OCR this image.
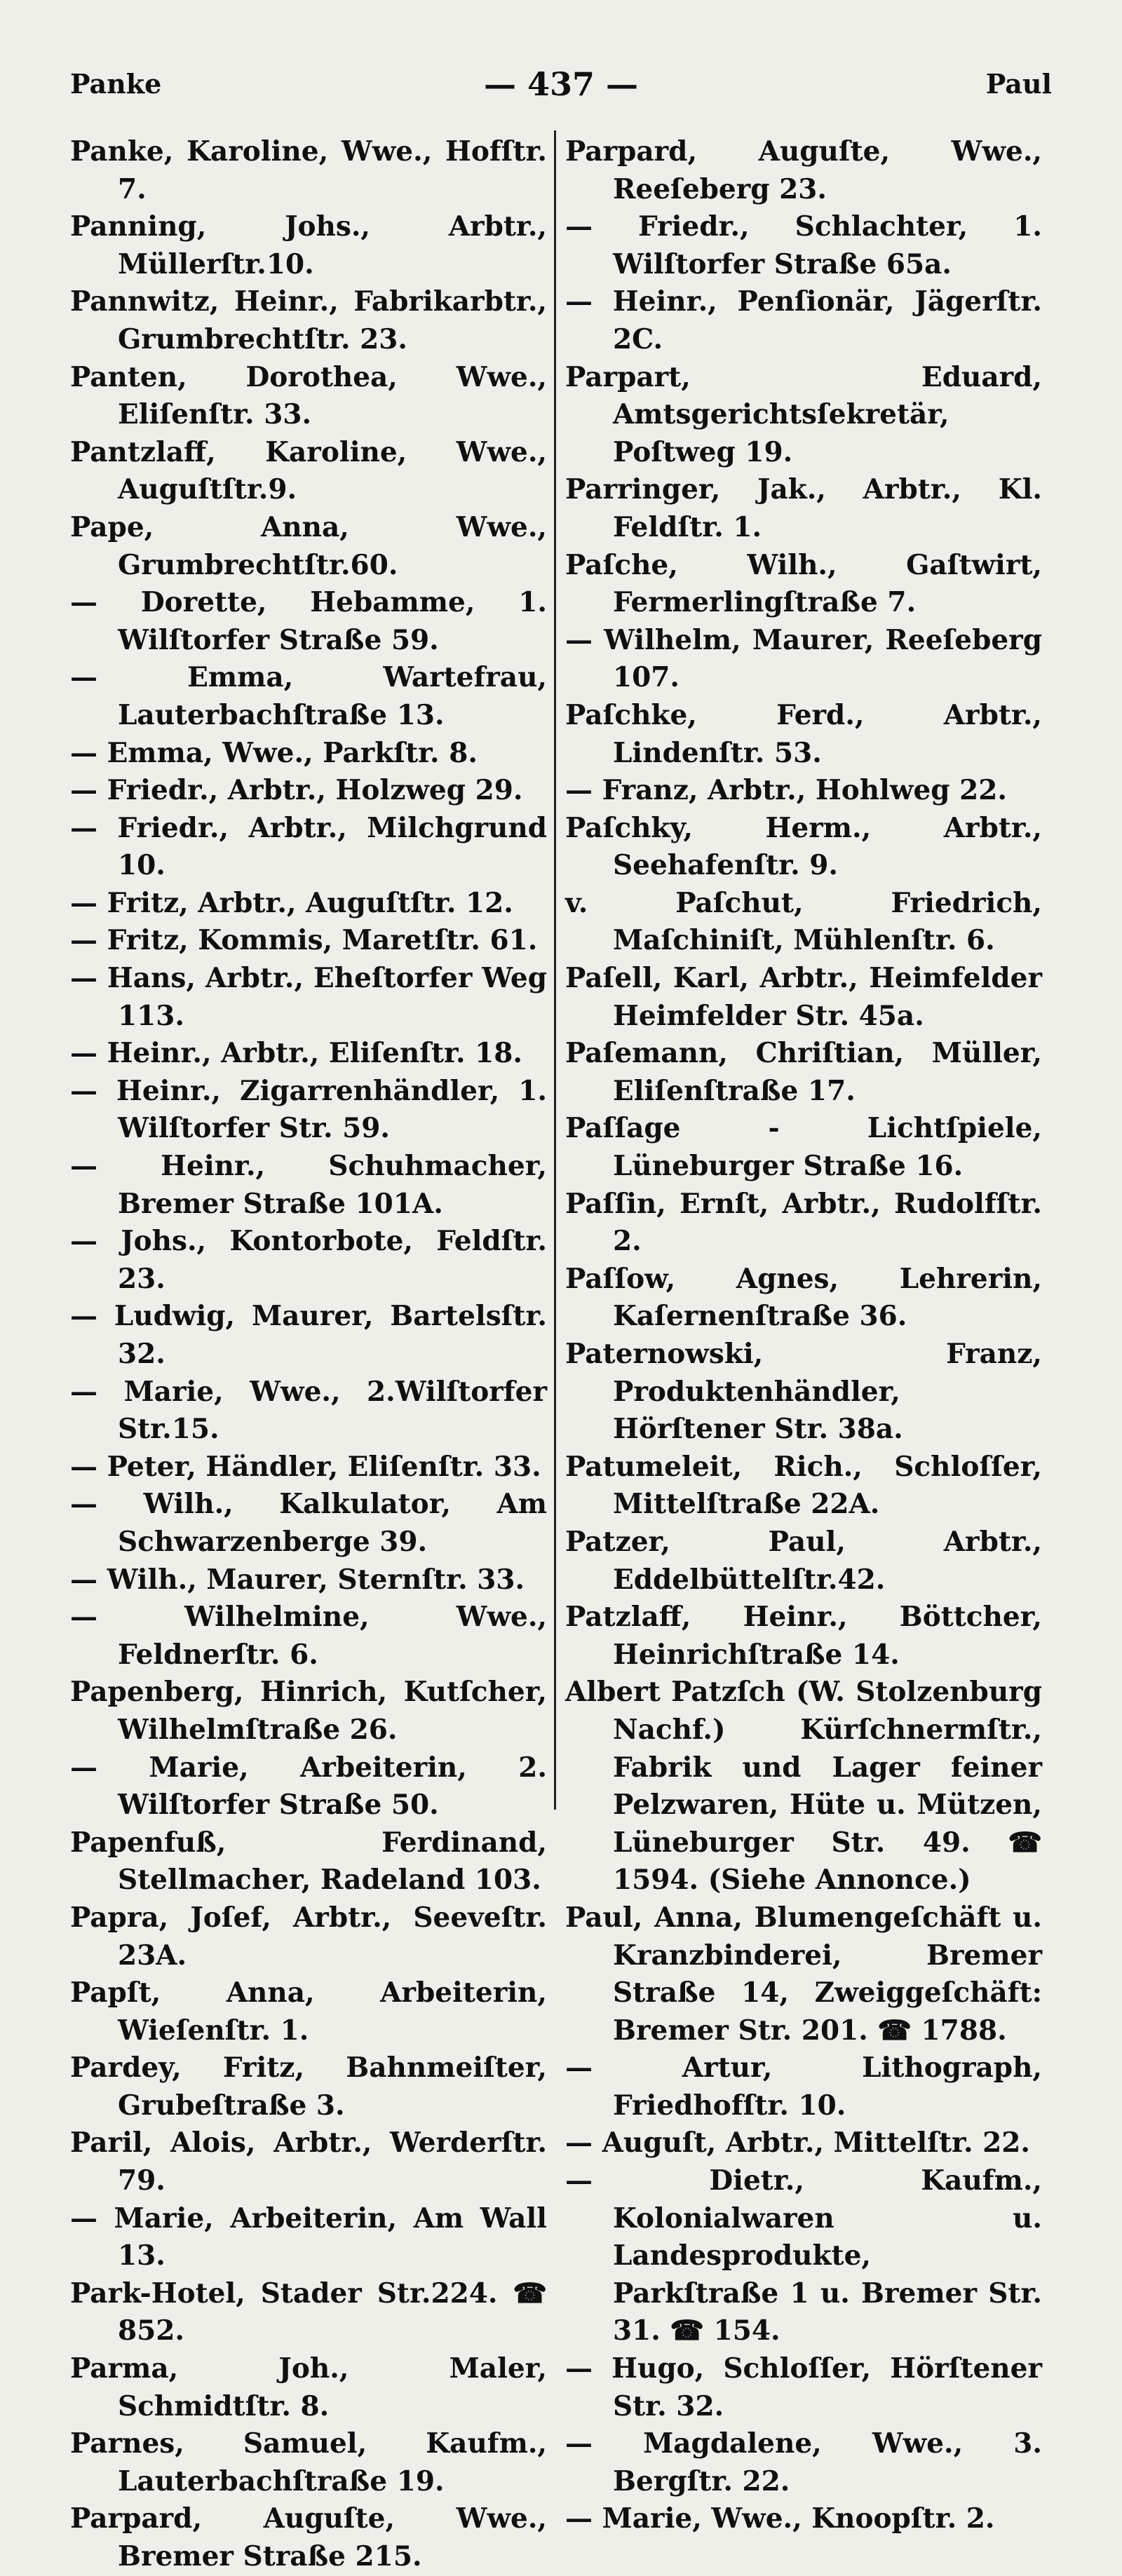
Panke	— 437 —	Paul
Panke, Karoline, Wwe., Hofſtr. 7.
Panning, Johs., Arbtr., Müllerſtr.10.
Pannwitz, Heinr., Fabrikarbtr., Grumbrechtſtr. 23.
Panten, Dorothea, Wwe., Eliſenſtr. 33.
Pantzlaff, Karoline, Wwe., Auguſtſtr.9.
Pape, Anna, Wwe., Grumbrechtſtr.60.
— Dorette, Hebamme, 1. Wilſtorfer Straße 59.
— Emma, Wartefrau, Lauterbachſtraße 13.
— Emma, Wwe., Parkſtr. 8.
— Friedr., Arbtr., Holzweg 29.
— Friedr., Arbtr., Milchgrund 10.
— Fritz, Arbtr., Auguſtſtr. 12.
— Fritz, Kommis, Maretſtr. 61.
— Hans, Arbtr., Eheſtorfer Weg 113.
— Heinr., Arbtr., Eliſenſtr. 18.
— Heinr., Zigarrenhändler, 1. Wilſtorfer Str. 59.
— Heinr., Schuhmacher, Bremer Straße 101A.
— Johs., Kontorbote, Feldſtr. 23.
— Ludwig, Maurer, Bartelsſtr. 32.
— Marie, Wwe., 2.Wilſtorfer Str.15.
— Peter, Händler, Eliſenſtr. 33.
— Wilh., Kalkulator, Am Schwarzenberge 39.
— Wilh., Maurer, Sternſtr. 33.
— Wilhelmine, Wwe., Feldnerſtr. 6.
Papenberg, Hinrich, Kutſcher, Wilhelmſtraße 26.
— Marie, Arbeiterin, 2. Wilſtorfer Straße 50.
Papenfuß, Ferdinand, Stellmacher, Radeland 103.
Papra, Joſef, Arbtr., Seeveſtr. 23A.
Papſt, Anna, Arbeiterin, Wieſenſtr. 1.
Pardey, Fritz, Bahnmeiſter, Grubeſtraße 3.
Paril, Alois, Arbtr., Werderſtr. 79.
— Marie, Arbeiterin, Am Wall 13.
Park-Hotel, Stader Str.224. ☎ 852.
Parma, Joh., Maler, Schmidtſtr. 8.
Parnes, Samuel, Kaufm., Lauterbachſtraße 19.
Parpard, Auguſte, Wwe., Bremer Straße 215.
Parpard, Auguſte, Wwe., Reeſeberg 23.
— Friedr., Schlachter, 1. Wilſtorfer Straße 65a.
— Heinr., Penſionär, Jägerſtr. 2C.
Parpart, Eduard, Amtsgerichtsſekretär, Poſtweg 19.
Parringer, Jak., Arbtr., Kl. Feldſtr. 1.
Paſche, Wilh., Gaſtwirt, Fermerlingſtraße 7.
— Wilhelm, Maurer, Reeſeberg 107.
Paſchke, Ferd., Arbtr., Lindenſtr. 53.
— Franz, Arbtr., Hohlweg 22.
Paſchky, Herm., Arbtr., Seehafenſtr. 9.
v. Paſchut, Friedrich, Maſchiniſt, Mühlenſtr. 6.
Paſell, Karl, Arbtr., Heimfelder Heimfelder Str. 45a.
Paſemann, Chriſtian, Müller, Eliſenſtraße 17.
Paſſage - Lichtſpiele, Lüneburger Straße 16.
Paſſin, Ernſt, Arbtr., Rudolfſtr. 2.
Paſſow, Agnes, Lehrerin, Kaſernenſtraße 36.
Paternowski, Franz, Produktenhändler, Hörſtener Str. 38a.
Patumeleit, Rich., Schloſſer, Mittelſtraße 22A.
Patzer, Paul, Arbtr., Eddelbüttelſtr.42.
Patzlaff, Heinr., Böttcher, Heinrichſtraße 14.
Albert Patzſch (W. Stolzenburg Nachf.) Kürſchnermſtr., Fabrik und Lager feiner Pelzwaren, Hüte u. Mützen, Lüneburger Str. 49. ☎ 1594. (Siehe Annonce.)
Paul, Anna, Blumengeſchäft u. Kranzbinderei, Bremer Straße 14, Zweiggeſchäft: Bremer Str. 201. ☎ 1788.
— Artur, Lithograph, Friedhofſtr. 10.
— Auguſt, Arbtr., Mittelſtr. 22.
— Dietr., Kaufm., Kolonialwaren u. Landesprodukte, Parkſtraße 1 u. Bremer Str. 31. ☎ 154.
— Hugo, Schloſſer, Hörſtener Str. 32.
— Magdalene, Wwe., 3. Bergſtr. 22.
— Marie, Wwe., Knoopſtr. 2.
